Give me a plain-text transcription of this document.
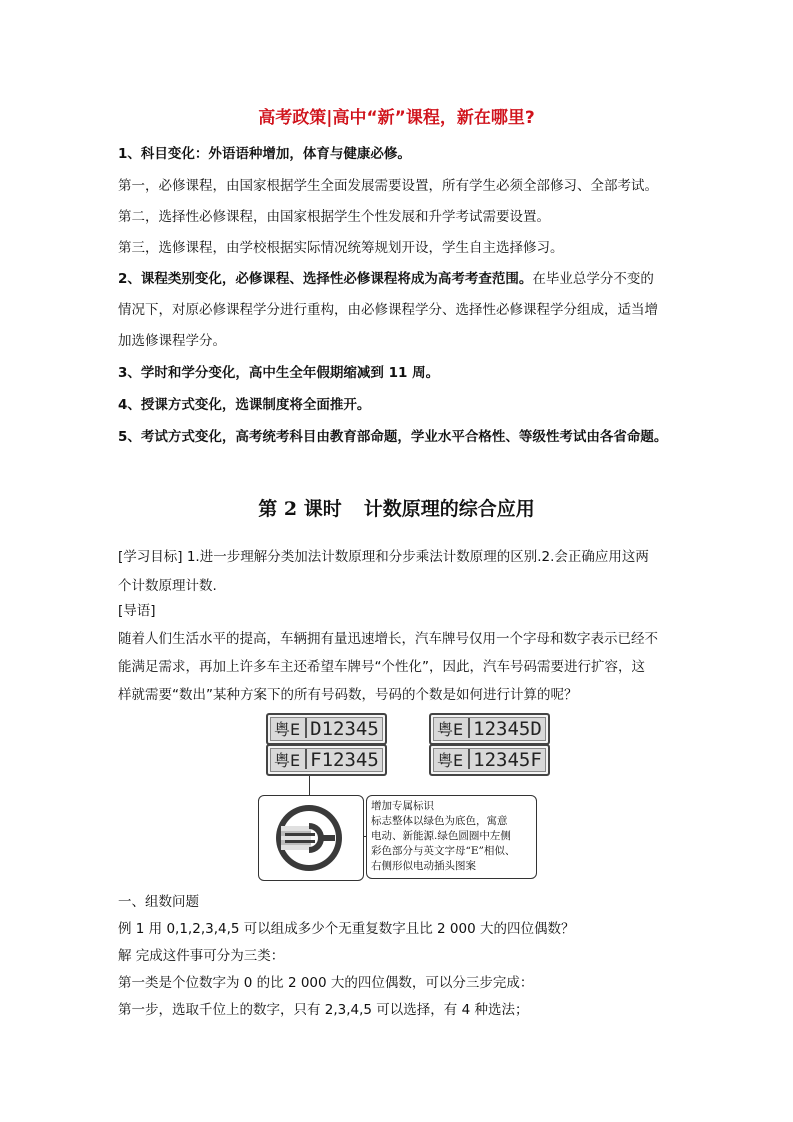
高考政策|高中“新”课程，新在哪里?
1、科目变化：外语语种增加，体育与健康必修。
第一，必修课程，由国家根据学生全面发展需要设置，所有学生必须全部修习、全部考试。
第二，选择性必修课程，由国家根据学生个性发展和升学考试需要设置。
第三，选修课程，由学校根据实际情况统筹规划开设，学生自主选择修习。
2、课程类别变化，必修课程、选择性必修课程将成为高考考查范围。在毕业总学分不变的
情况下，对原必修课程学分进行重构，由必修课程学分、选择性必修课程学分组成，适当增
加选修课程学分。
3、学时和学分变化，高中生全年假期缩减到 11 周。
4、授课方式变化，选课制度将全面推开。
5、考试方式变化，高考统考科目由教育部命题，学业水平合格性、等级性考试由各省命题。
第 2 课时 计数原理的综合应用
[学习目标] 1.进一步理解分类加法计数原理和分步乘法计数原理的区别.2.会正确应用这两
个计数原理计数.
[导语]
随着人们生活水平的提高，车辆拥有量迅速增长，汽车牌号仅用一个字母和数字表示已经不
能满足需求，再加上许多车主还希望车牌号“个性化”，因此，汽车号码需要进行扩容，这
样就需要“数出”某种方案下的所有号码数，号码的个数是如何进行计算的呢？
粤E D12345
粤E F12345
粤E 12345D
粤E 12345F
增加专属标识
标志整体以绿色为底色，寓意
电动、新能源.绿色圆圈中左侧
彩色部分与英文字母“E”相似、
右侧形似电动插头图案
一、组数问题
例 1 用 0,1,2,3,4,5 可以组成多少个无重复数字且比 2 000 大的四位偶数？
解 完成这件事可分为三类：
第一类是个位数字为 0 的比 2 000 大的四位偶数，可以分三步完成：
第一步，选取千位上的数字，只有 2,3,4,5 可以选择，有 4 种选法；
